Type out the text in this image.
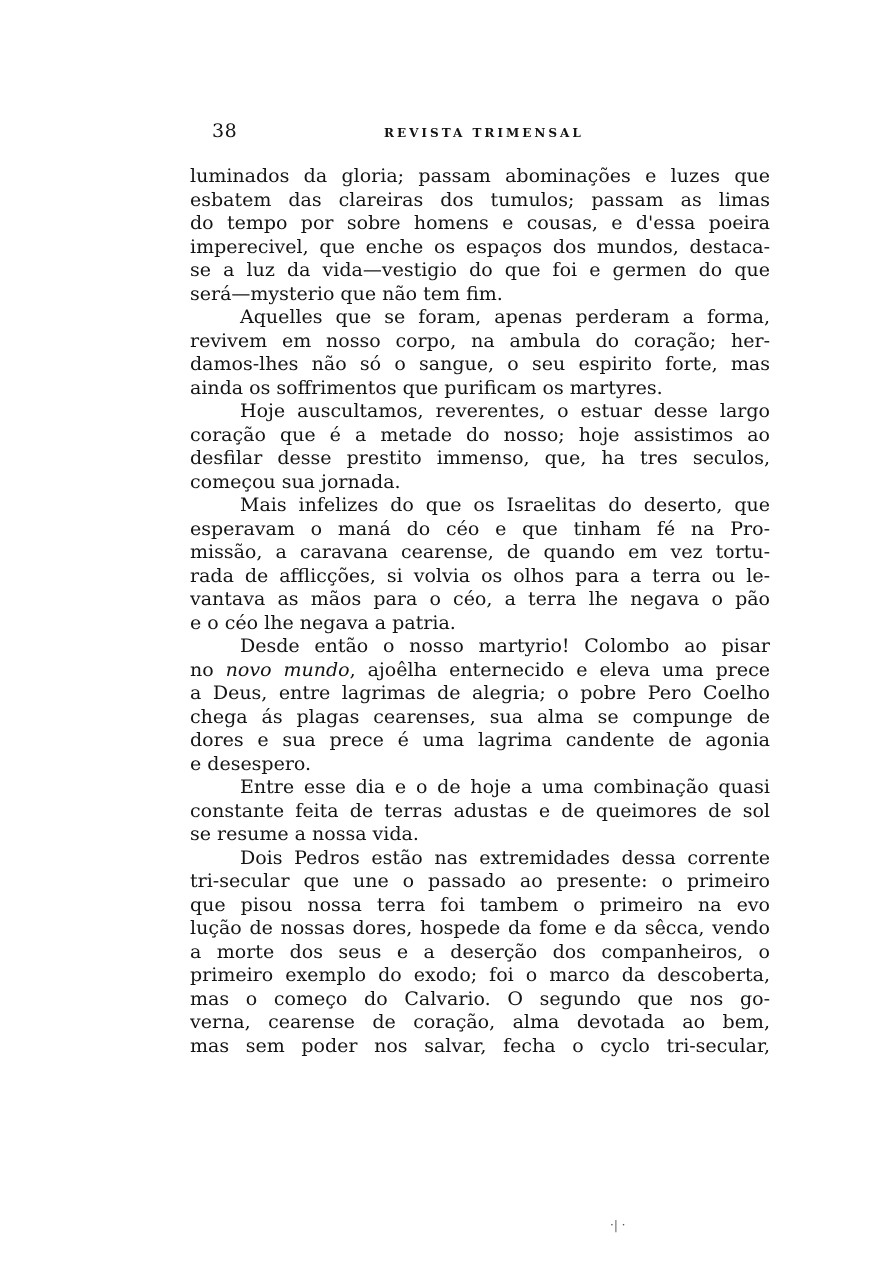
38	REVISTA TRIMENSAL
luminados da gloria; passam abominações e luzes que
esbatem das clareiras dos tumulos; passam as limas
do tempo por sobre homens e cousas, e d'essa poeira
imperecivel, que enche os espaços dos mundos, destaca-
se a luz da vida—vestigio do que foi e germen do que
será—mysterio que não tem fim.
Aquelles que se foram, apenas perderam a forma,
revivem em nosso corpo, na ambula do coração; her-
damos-lhes não só o sangue, o seu espirito forte, mas
ainda os soffrimentos que purificam os martyres.
Hoje auscultamos, reverentes, o estuar desse largo
coração que é a metade do nosso; hoje assistimos ao
desfilar desse prestito immenso, que, ha tres seculos,
começou sua jornada.
Mais infelizes do que os Israelitas do deserto, que
esperavam o maná do céo e que tinham fé na Pro-
missão, a caravana cearense, de quando em vez tortu-
rada de afflicções, si volvia os olhos para a terra ou le-
vantava as mãos para o céo, a terra lhe negava o pão
e o céo lhe negava a patria.
Desde então o nosso martyrio! Colombo ao pisar
no novo mundo, ajoêlha enternecido e eleva uma prece
a Deus, entre lagrimas de alegria; o pobre Pero Coelho
chega ás plagas cearenses, sua alma se compunge de
dores e sua prece é uma lagrima candente de agonia
e desespero.
Entre esse dia e o de hoje a uma combinação quasi
constante feita de terras adustas e de queimores de sol
se resume a nossa vida.
Dois Pedros estão nas extremidades dessa corrente
tri-secular que une o passado ao presente: o primeiro
que pisou nossa terra foi tambem o primeiro na evo
lução de nossas dores, hospede da fome e da sêcca, vendo
a morte dos seus e a deserção dos companheiros, o
primeiro exemplo do exodo; foi o marco da descoberta,
mas o começo do Calvario. O segundo que nos go-
verna, cearense de coração, alma devotada ao bem,
mas sem poder nos salvar, fecha o cyclo tri-secular,
·| ·
